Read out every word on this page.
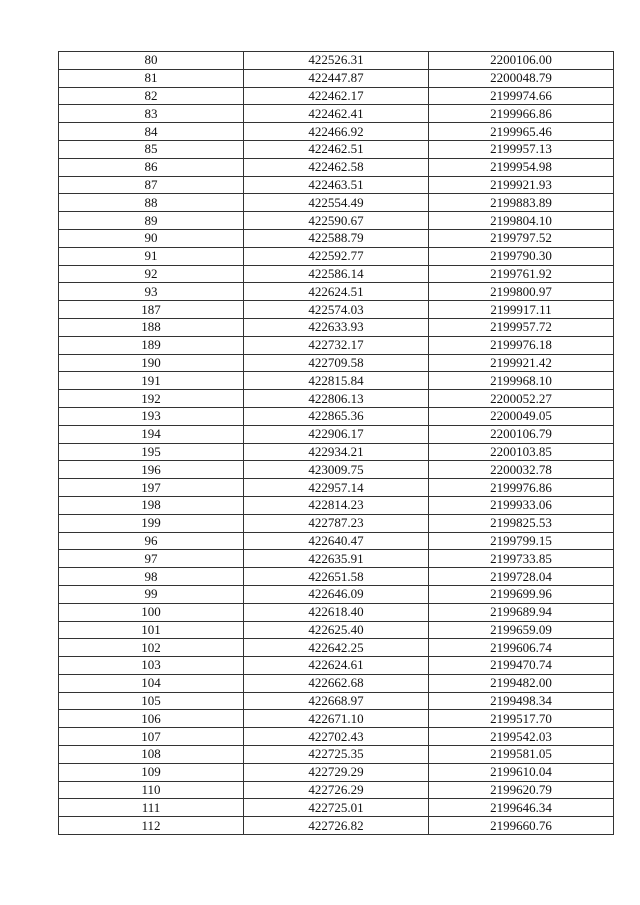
80	422526.31	2200106.00
81	422447.87	2200048.79
82	422462.17	2199974.66
83	422462.41	2199966.86
84	422466.92	2199965.46
85	422462.51	2199957.13
86	422462.58	2199954.98
87	422463.51	2199921.93
88	422554.49	2199883.89
89	422590.67	2199804.10
90	422588.79	2199797.52
91	422592.77	2199790.30
92	422586.14	2199761.92
93	422624.51	2199800.97
187	422574.03	2199917.11
188	422633.93	2199957.72
189	422732.17	2199976.18
190	422709.58	2199921.42
191	422815.84	2199968.10
192	422806.13	2200052.27
193	422865.36	2200049.05
194	422906.17	2200106.79
195	422934.21	2200103.85
196	423009.75	2200032.78
197	422957.14	2199976.86
198	422814.23	2199933.06
199	422787.23	2199825.53
96	422640.47	2199799.15
97	422635.91	2199733.85
98	422651.58	2199728.04
99	422646.09	2199699.96
100	422618.40	2199689.94
101	422625.40	2199659.09
102	422642.25	2199606.74
103	422624.61	2199470.74
104	422662.68	2199482.00
105	422668.97	2199498.34
106	422671.10	2199517.70
107	422702.43	2199542.03
108	422725.35	2199581.05
109	422729.29	2199610.04
110	422726.29	2199620.79
111	422725.01	2199646.34
112	422726.82	2199660.76
